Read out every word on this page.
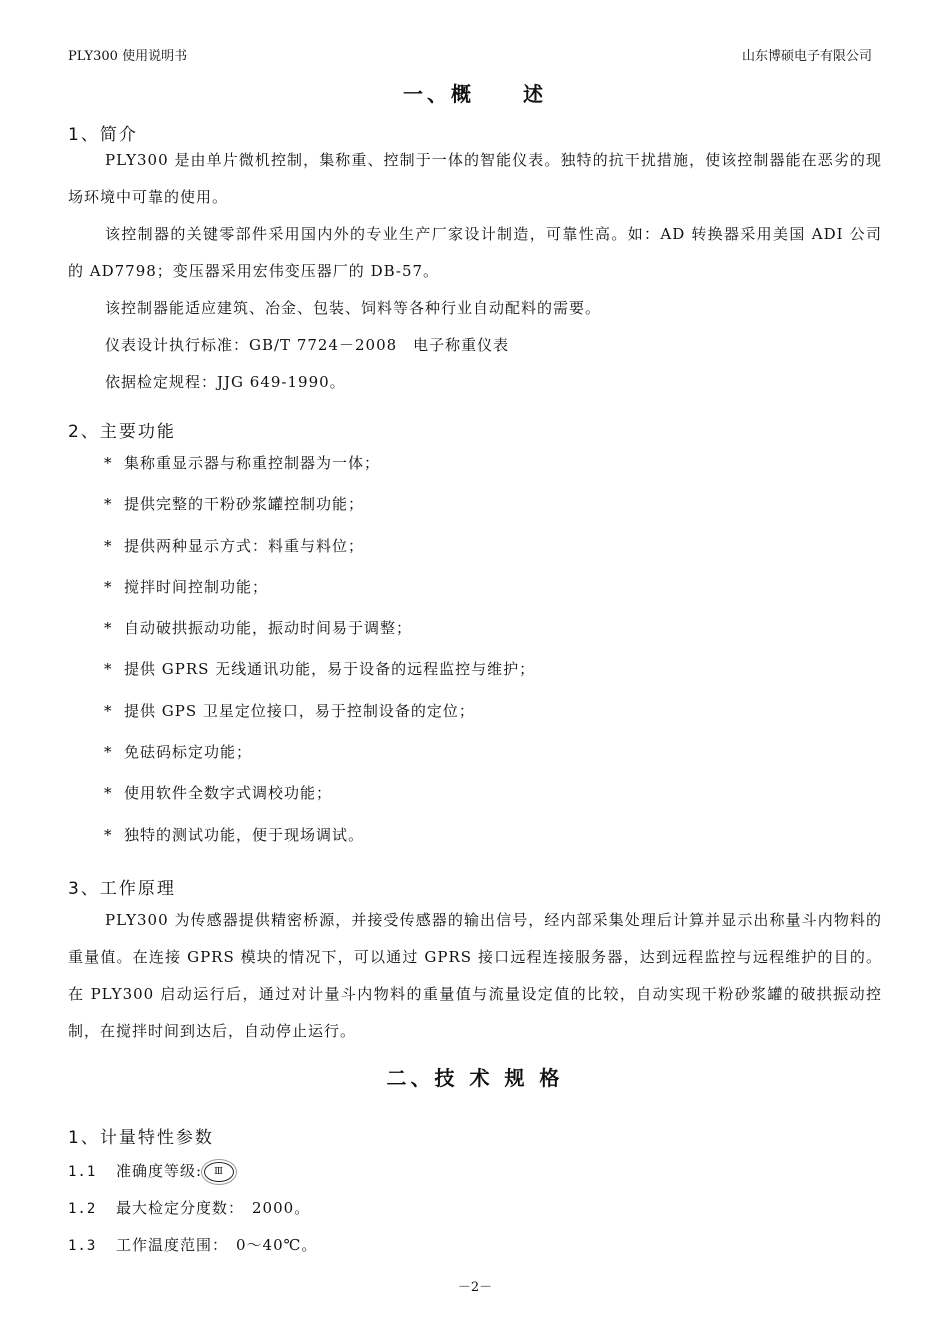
PLY300 使用说明书	山东博硕电子有限公司
一、概　　述
1、简介

PLY300 是由单片微机控制，集称重、控制于一体的智能仪表。独特的抗干扰措施，使该控制器能在恶劣的现场环境中可靠的使用。

该控制器的关键零部件采用国内外的专业生产厂家设计制造，可靠性高。如：AD 转换器采用美国 ADI 公司的 AD7798；变压器采用宏伟变压器厂的 DB-57。

该控制器能适应建筑、冶金、包装、饲料等各种行业自动配料的需要。

仪表设计执行标准：GB/T 7724－2008　电子称重仪表

依据检定规程：JJG 649-1990。

2、主要功能
* 集称重显示器与称重控制器为一体；
* 提供完整的干粉砂浆罐控制功能；
* 提供两种显示方式：料重与料位；
* 搅拌时间控制功能；
* 自动破拱振动功能，振动时间易于调整；
* 提供 GPRS 无线通讯功能，易于设备的远程监控与维护；
* 提供 GPS 卫星定位接口，易于控制设备的定位；
* 免砝码标定功能；
* 使用软件全数字式调校功能；
* 独特的测试功能，便于现场调试。
3、工作原理

PLY300 为传感器提供精密桥源，并接受传感器的输出信号，经内部采集处理后计算并显示出称量斗内物料的重量值。在连接 GPRS 模块的情况下，可以通过 GPRS 接口远程连接服务器，达到远程监控与远程维护的目的。在 PLY300 启动运行后，通过对计量斗内物料的重量值与流量设定值的比较，自动实现干粉砂浆罐的破拱振动控制，在搅拌时间到达后，自动停止运行。

二、技 术 规 格
1、计量特性参数
1.1 准确度等级: Ⅲ
1.2 最大检定分度数： 2000。
1.3 工作温度范围： 0～40℃。
－2－
